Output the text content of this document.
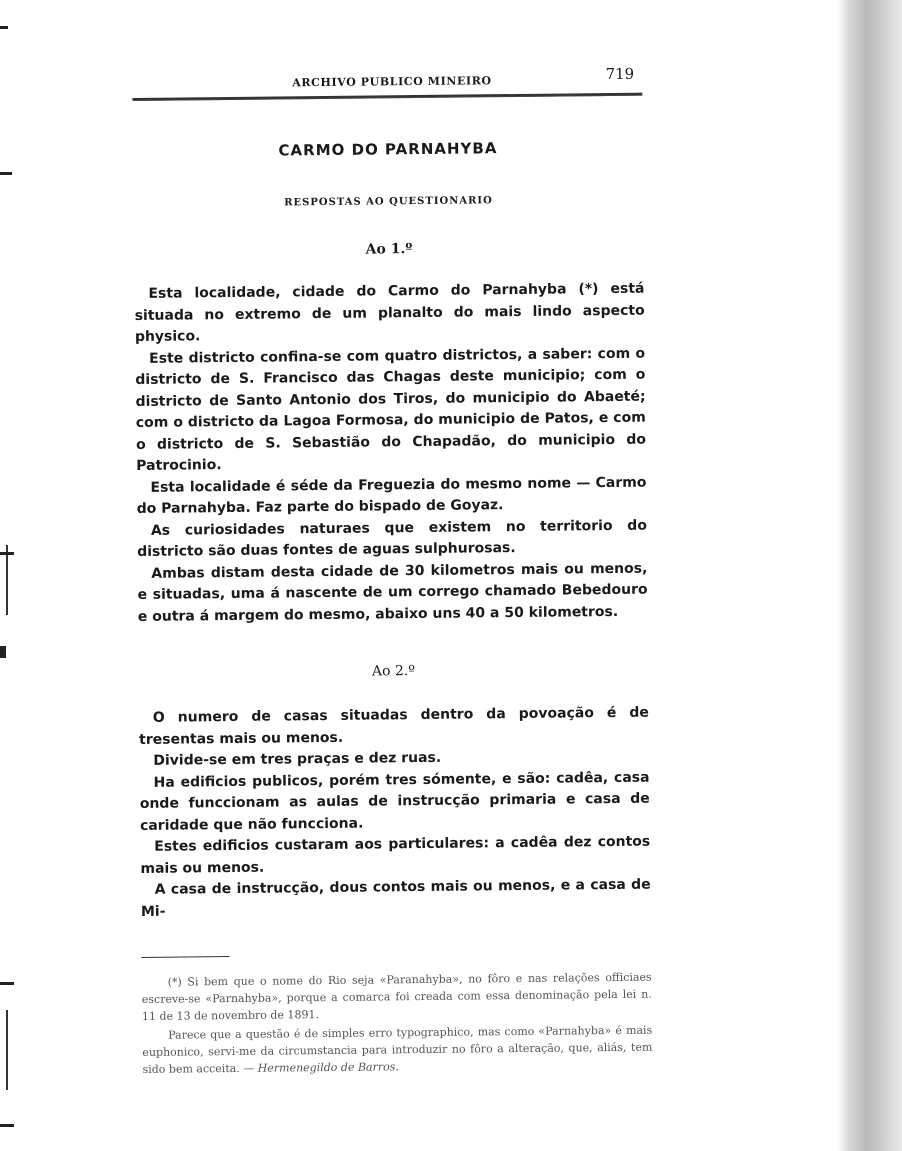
ARCHIVO PUBLICO MINEIRO	719
CARMO DO PARNAHYBA
RESPOSTAS AO QUESTIONARIO
Ao 1.º

Esta localidade, cidade do Carmo do Parnahyba (*) está situada no extremo de um planalto do mais lindo aspecto physico.

Este districto confina-se com quatro districtos, a saber: com o districto de S. Francisco das Chagas deste municipio; com o districto de Santo Antonio dos Tiros, do municipio do Abaeté; com o districto da Lagoa Formosa, do municipio de Patos, e com o districto de S. Sebastião do Chapadão, do municipio do Patrocinio.

Esta localidade é séde da Freguezia do mesmo nome — Carmo do Parnahyba. Faz parte do bispado de Goyaz.

As curiosidades naturaes que existem no territorio do districto são duas fontes de aguas sulphurosas.

Ambas distam desta cidade de 30 kilometros mais ou menos, e situadas, uma á nascente de um corrego chamado Bebedouro e outra á margem do mesmo, abaixo uns 40 a 50 kilometros.

Ao 2.º

O numero de casas situadas dentro da povoação é de tresentas mais ou menos.

Divide-se em tres praças e dez ruas.

Ha edificios publicos, porém tres sómente, e são: cadêa, casa onde funccionam as aulas de instrucção primaria e casa de caridade que não funcciona.

Estes edificios custaram aos particulares: a cadêa dez contos mais ou menos.

A casa de instrucção, dous contos mais ou menos, e a casa de Mi-

(*) Si bem que o nome do Rio seja «Paranahyba», no fôro e nas relações officiaes escreve-se «Parnahyba», porque a comarca foi creada com essa denominação pela lei n. 11 de 13 de novembro de 1891.

Parece que a questão é de simples erro typographico, mas como «Parnahyba» é mais euphonico, servi-me da circumstancia para introduzir no fôro a alteração, que, aliás, tem sido bem acceita. — Hermenegildo de Barros.
